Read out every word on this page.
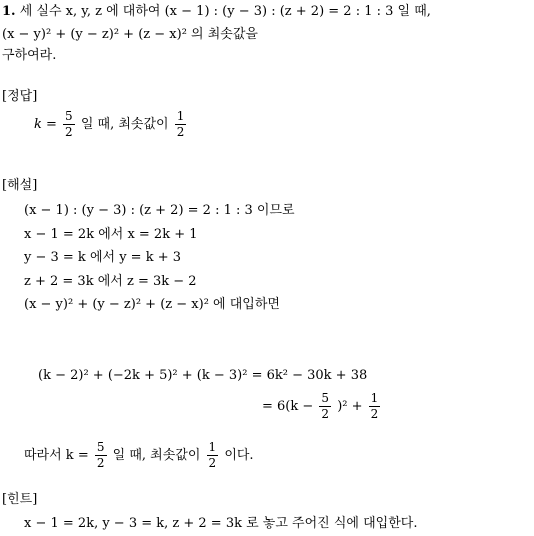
1. 세 실수 x, y, z 에 대하여 (x − 1) : (y − 3) : (z + 2) = 2 : 1 : 3 일 때,
(x − y)² + (y − z)² + (z − x)² 의 최솟값을
구하여라.
[정답]
$k = \frac{5}{2}$ 일 때, 최솟값이 $\frac{1}{2}$
[해설]
(x − 1) : (y − 3) : (z + 2) = 2 : 1 : 3 이므로
x − 1 = 2k 에서 x = 2k + 1
y − 3 = k 에서 y = k + 3
z + 2 = 3k 에서 z = 3k − 2
(x − y)² + (y − z)² + (z − x)² 에 대입하면
(k − 2)² + (−2k + 5)² + (k − 3)² = 6k² − 30k + 38
= $6(k - \frac{5}{2} )^2 + \frac{1}{2}$
따라서 $k = \frac{5}{2}$ 일 때, 최솟값이 $\frac{1}{2}$ 이다.
[힌트]
x − 1 = 2k, y − 3 = k, z + 2 = 3k 로 놓고 주어진 식에 대입한다.
